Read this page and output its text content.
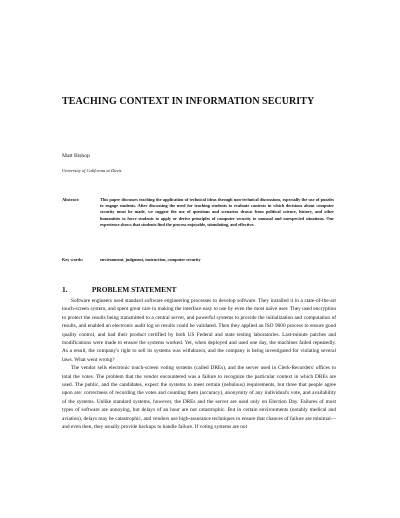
TEACHING CONTEXT IN INFORMATION SECURITY
Matt Bishop
University of California at Davis
Abstract:	This paper discusses teaching the application of technical ideas through non-technical discussions, especially the use of puzzles to engage students. After discussing the need for teaching students to evaluate contexts in which decisions about computer security must be made, we suggest the use of questions and scenarios drawn from political science, history, and other humanities to force students to apply or derive principles of computer security to unusual and unexpected situations. Our experience shows that students find the process enjoyable, stimulating, and effective.
Key words:	environment, judgment, instruction, computer security
1.	PROBLEM STATEMENT

Software engineers used standard software engineering processes to develop software. They installed it in a state-of-the-art touch-screen system, and spent great care in making the interface easy to use by even the most naïve user. They used encryption to protect the results being transmitted to a central server, and powerful systems to provide the initialization and computation of results, and enabled an electronic audit log so results could be validated. Then they applied an ISO 9000 process to ensure good quality control, and had their product certified by both US Federal and state testing laboratories. Last-minute patches and modifications were made to ensure the systems worked. Yet, when deployed and used one day, the machines failed repeatedly. As a result, the company's right to sell its systems was withdrawn, and the company is being investigated for violating several laws. What went wrong?

The vendor sells electronic touch-screen voting systems (called DREs), and the server used in Clerk-Recorders' offices to total the votes. The problem that the vendor encountered was a failure to recognize the particular context in which DREs are used. The public, and the candidates, expect the systems to meet certain (nebulous) requirements, but three that people agree upon are: correctness of recording the votes and counting them (accuracy), anonymity of any individual's vote, and availability of the systems. Unlike standard systems, however, the DREs and the server are used only on Election Day. Failures of most types of software are annoying, but delays of an hour are not catastrophic. But in certain environments (notably medical and aviation), delays may be catastrophic, and vendors use high-assurance techniques to ensure that chances of failure are minimal—and even then, they usually provide backups to handle failure. If voting systems are not
